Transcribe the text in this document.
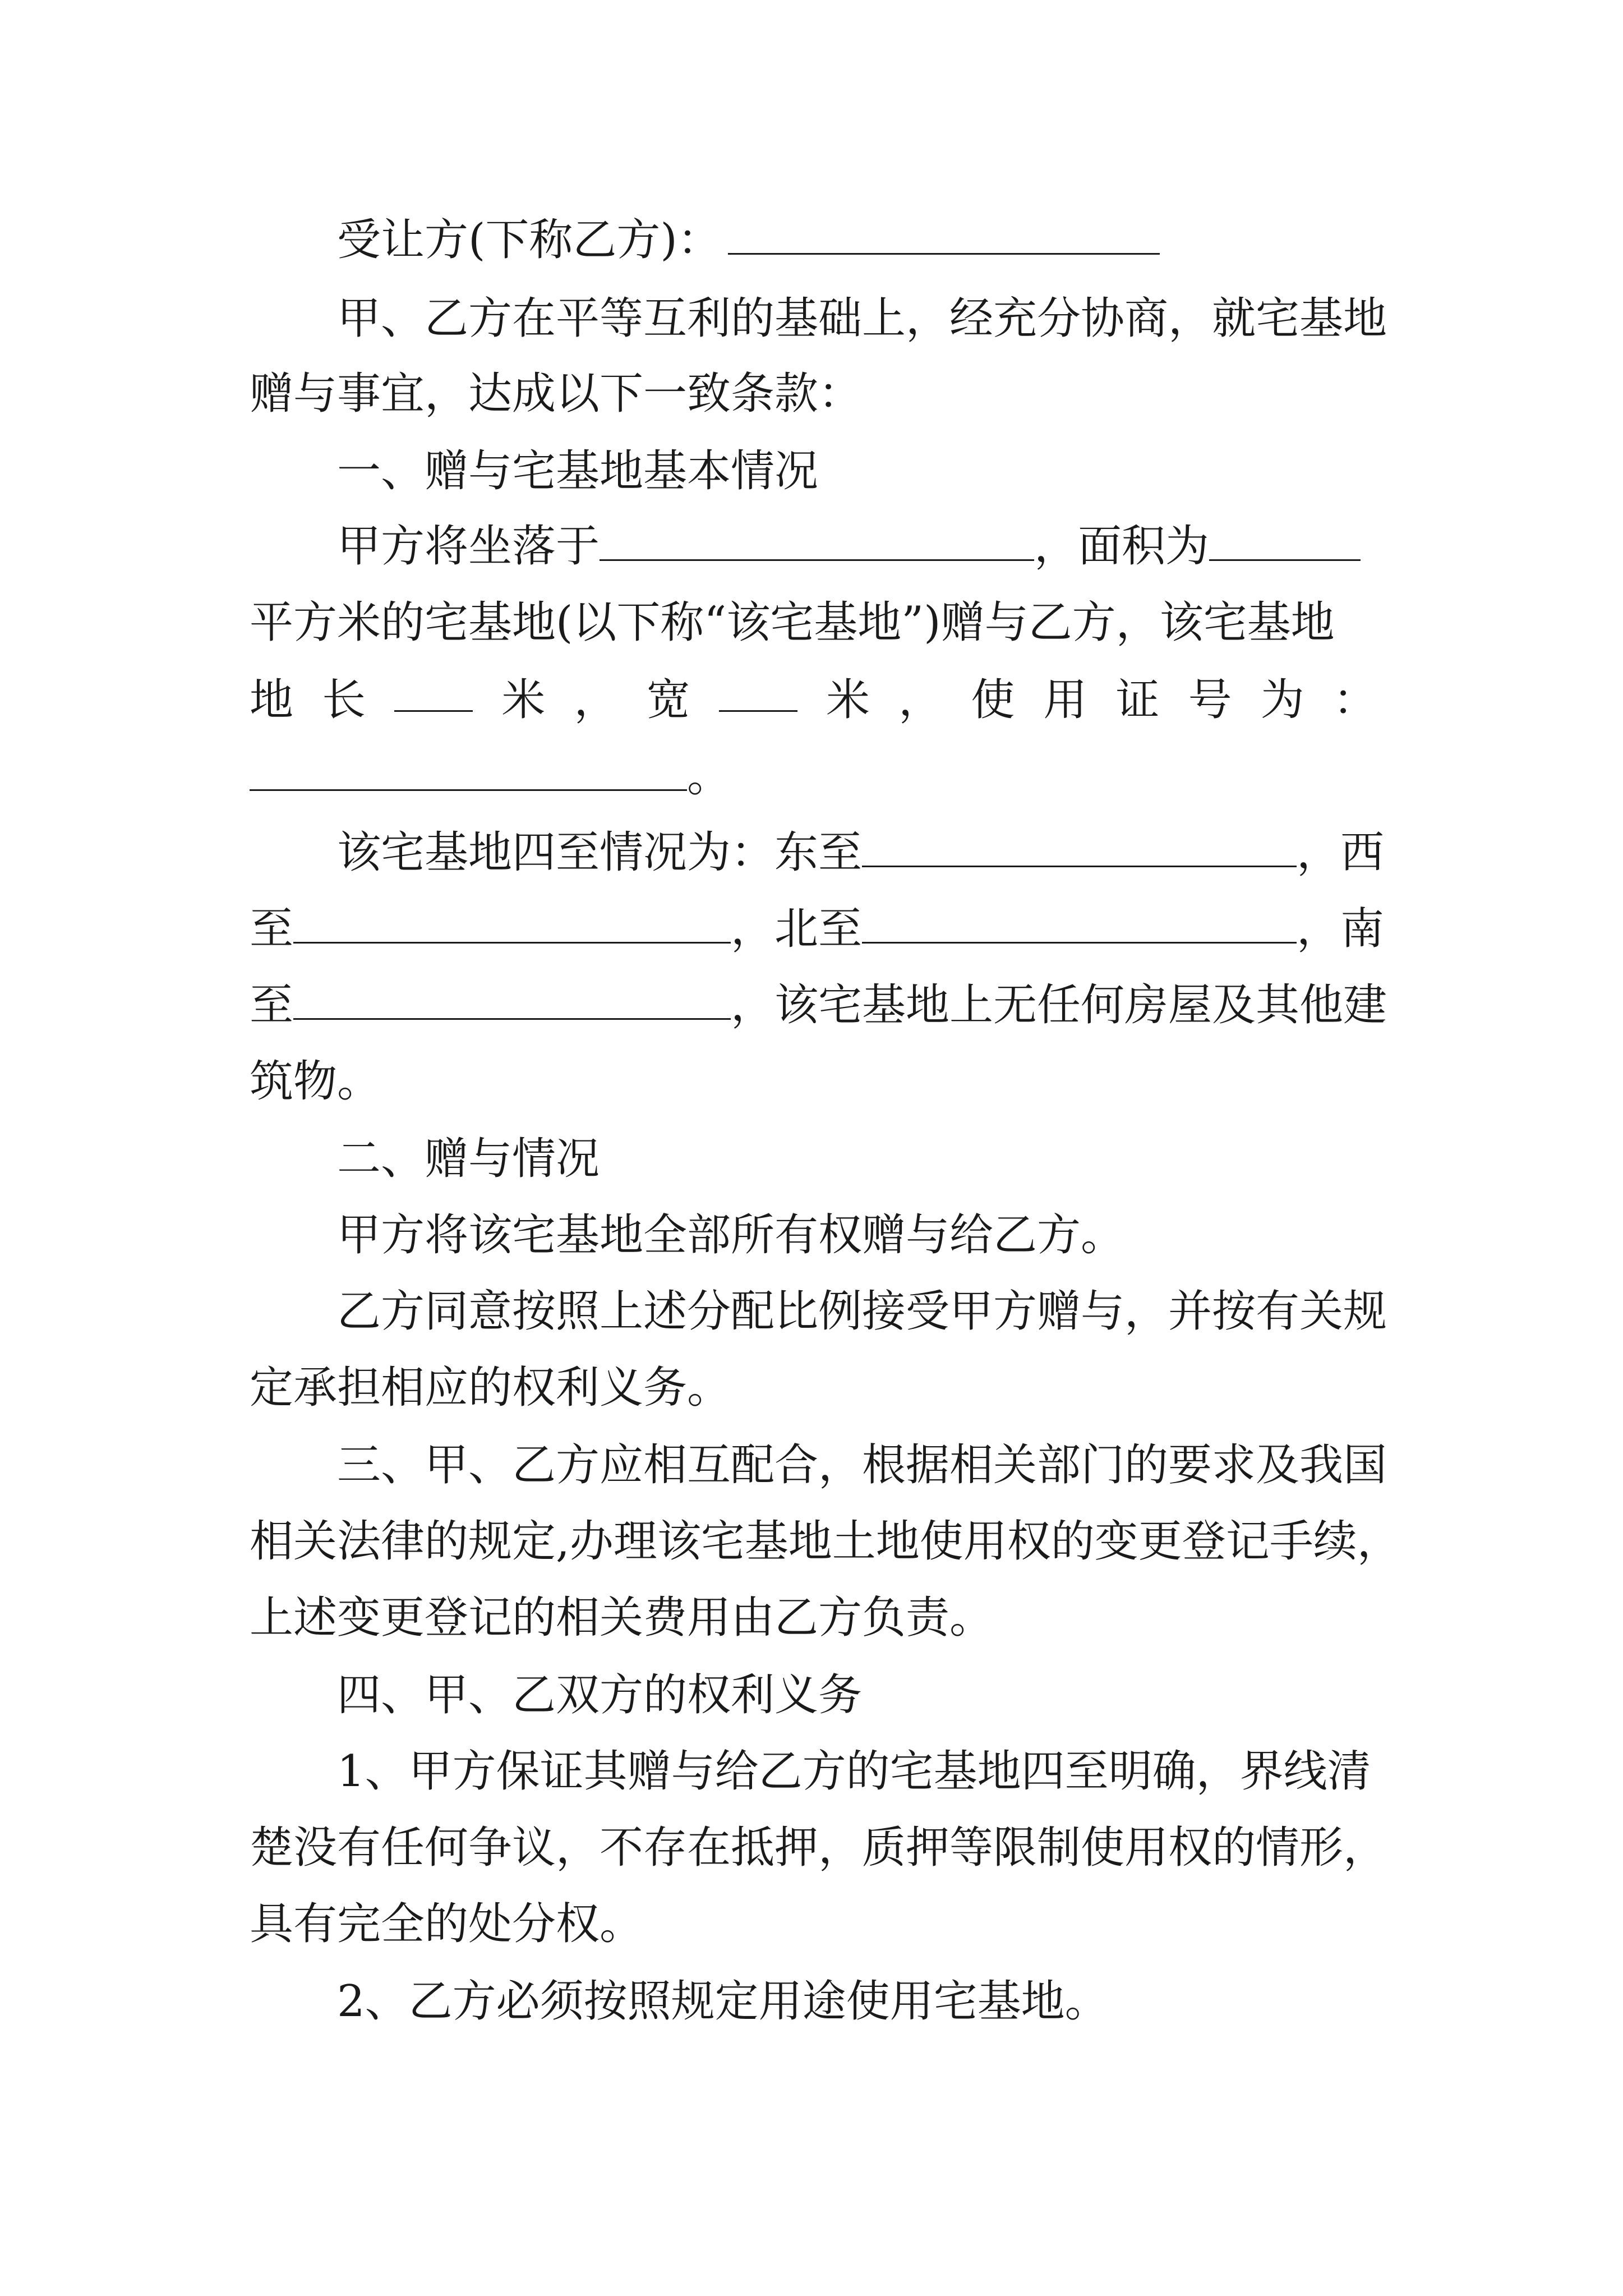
受让方(下称乙方)：
甲、乙方在平等互利的基础上，经充分协商，就宅基地
赠与事宜，达成以下一致条款：
一、赠与宅基地基本情况
甲方将坐落于	，面积为
平方米的宅基地(以下称“该宅基地”)赠与乙方，该宅基地
地 长	米 ， 宽	米 ， 使 用 证 号 为 ：
。
该宅基地四至情况为：东至	，西
至	，北至	，南
至	，该宅基地上无任何房屋及其他建
筑物。
二、赠与情况
甲方将该宅基地全部所有权赠与给乙方。
乙方同意按照上述分配比例接受甲方赠与，并按有关规
定承担相应的权利义务。
三、甲、乙方应相互配合，根据相关部门的要求及我国
相关法律的规定,办理该宅基地土地使用权的变更登记手续，
上述变更登记的相关费用由乙方负责。
四、甲、乙双方的权利义务
1、甲方保证其赠与给乙方的宅基地四至明确，界线清
楚没有任何争议，不存在抵押，质押等限制使用权的情形，
具有完全的处分权。
2、乙方必须按照规定用途使用宅基地。
